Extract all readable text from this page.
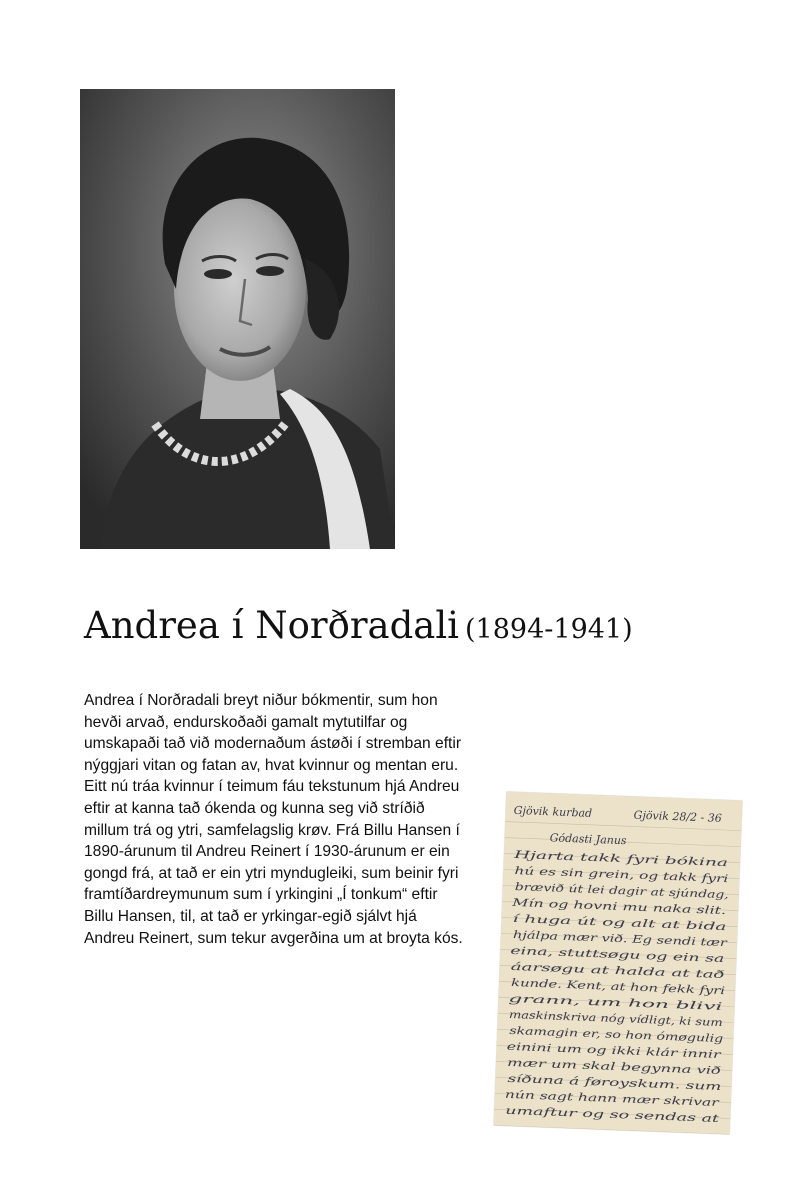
Andrea í Norðradali (1894-1941)
Andrea í Norðradali breyt niður bókmentir, sum hon hevði arvað, endurskoðaði gamalt mytutilfar og umskapaði tað við modernaðum ástøði í stremban eftir nýggjari vitan og fatan av, hvat kvinnur og mentan eru. Eitt nú tráa kvinnur í teimum fáu tekstunum hjá Andreu eftir at kanna tað ókenda og kunna seg við stríðið millum trá og ytri, samfelagslig krøv. Frá Billu Hansen í 1890-árunum til Andreu Reinert í 1930-árunum er ein gongd frá, at tað er ein ytri myndugleiki, sum beinir fyri framtíðardreymunum sum í yrkingini „Í tonkum“ eftir Billu Hansen, til, at tað er yrkingar-egið sjálvt hjá Andreu Reinert, sum tekur avgerðina um at broyta kós.
Gjövik kurbad	Gjövik 28/2 - 36
Gódasti Janus
Hjarta takk fyri bókina
hú es sin grein, og takk fyri
brævið út lei dagir at sjúndag,
Mín og hovni mu naka slit.
í huga út og alt at bida
hjálpa mær við. Eg sendi tær
eina, stuttsøgu og ein sa
áarsøgu at halda at tað
kunde. Kent, at hon fekk fyri
grann, um hon blivi
maskinskriva nóg vídligt, ki sum
skamagin er, so hon ómøgulig
einini um og ikki klár innir
mær um skal begynna við
síðuna á føroyskum. sum
nún sagt hann mær skrivar
umaftur og so sendas at
